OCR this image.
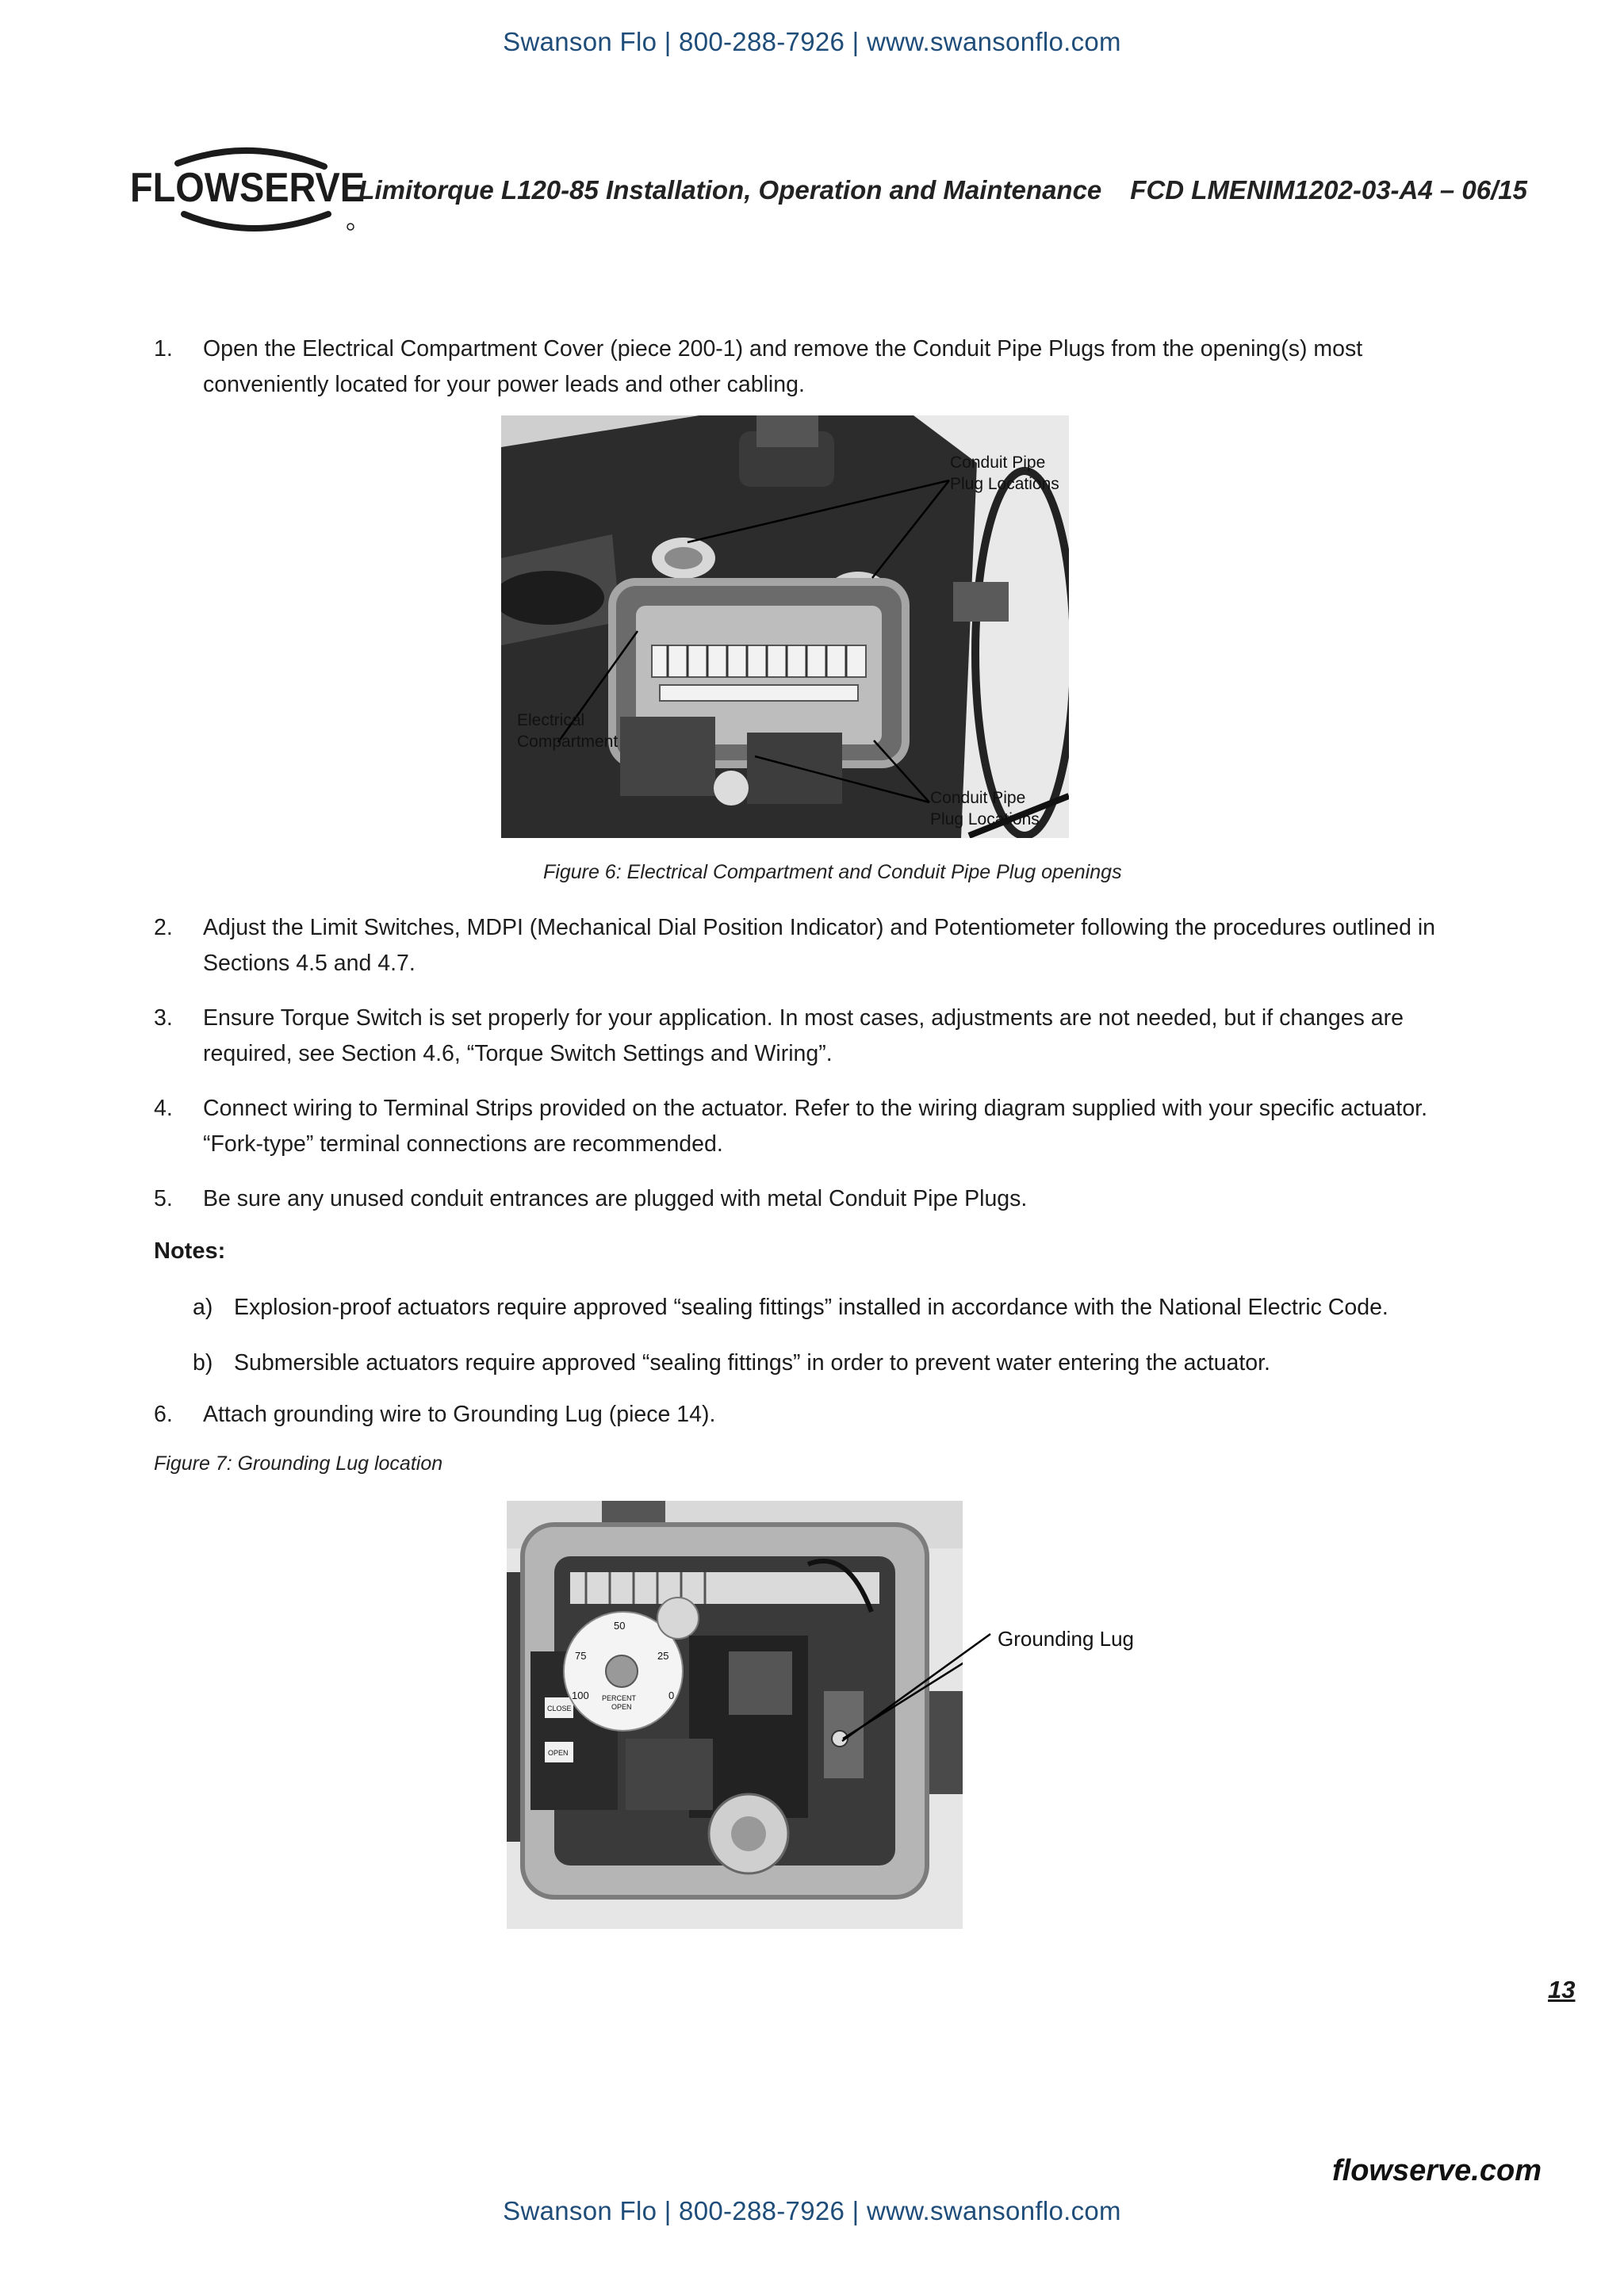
Swanson Flo | 800-288-7926 | www.swansonflo.com
FLOWSERVE
Limitorque L120-85 Installation, Operation and Maintenance FCD LMENIM1202-03-A4 – 06/15
1. Open the Electrical Compartment Cover (piece 200-1) and remove the Conduit Pipe Plugs from the opening(s) most conveniently located for your power leads and other cabling.
Conduit Pipe
Plug Locations
Electrical
Compartment
Conduit Pipe
Plug Locations
Figure 6: Electrical Compartment and Conduit Pipe Plug openings
2. Adjust the Limit Switches, MDPI (Mechanical Dial Position Indicator) and Potentiometer following the procedures outlined in Sections 4.5 and 4.7.
3. Ensure Torque Switch is set properly for your application. In most cases, adjustments are not needed, but if changes are required, see Section 4.6, “Torque Switch Settings and Wiring”.
4. Connect wiring to Terminal Strips provided on the actuator. Refer to the wiring diagram supplied with your specific actuator. “Fork-type” terminal connections are recommended.
5. Be sure any unused conduit entrances are plugged with metal Conduit Pipe Plugs.
Notes:
a) Explosion-proof actuators require approved “sealing fittings” installed in accordance with the National Electric Code.
b) Submersible actuators require approved “sealing fittings” in order to prevent water entering the actuator.
6. Attach grounding wire to Grounding Lug (piece 14).
Figure 7: Grounding Lug location
CLOSE
OPEN
50
75	25
100	0
PERCENT
OPEN
Grounding Lug
13
flowserve.com
Swanson Flo | 800-288-7926 | www.swansonflo.com
